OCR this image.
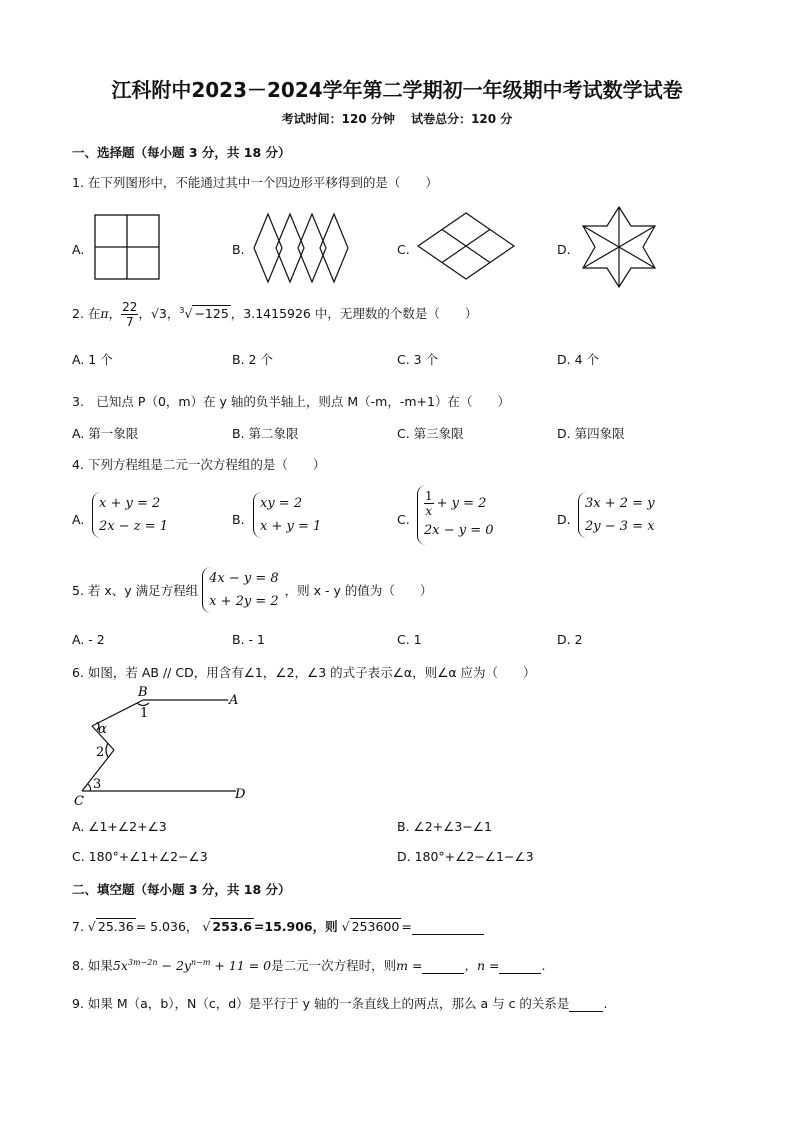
江科附中2023－2024学年第二学期初一年级期中考试数学试卷
考试时间：120 分钟　 试卷总分：120 分
一、选择题（每小题 3 分，共 18 分）
1. 在下列图形中，不能通过其中一个四边形平移得到的是（　　）
A.	B.	C.	D.
2. 在π， $\frac{22}{7}$ ，√3，$^3$√ −125 ，3.1415926 中，无理数的个数是（　　）
A. 1 个	B. 2 个	C. 3 个	D. 4 个
3.　已知点 P（0，m）在 y 轴的负半轴上，则点 M（-m，-m+1）在（　　）
A. 第一象限	B. 第二象限	C. 第三象限	D. 第四象限
4. 下列方程组是二元一次方程组的是（　　）
A.
x + y = 2
2x − z = 1	B.
xy = 2
x + y = 1	C.
$\frac{1}{x} + y = 2$
2x − y = 0
D.
3x + 2 = y
2y − 3 = x
5. 若 x、y 满足方程组
4x − y = 8
x + 2y = 2
，则 x - y 的值为（　　）
A. - 2	B. - 1	C. 1	D. 2
6. 如图，若 AB // CD，用含有∠1，∠2，∠3 的式子表示∠α，则∠α 应为（　　）
B
A
1
α
2
3
C	D
A. ∠1+∠2+∠3	B. ∠2+∠3−∠1
C. 180°+∠1+∠2−∠3	D. 180°+∠2−∠1−∠3
二、填空题（每小题 3 分，共 18 分）
7. √ 25.36 = 5.036， √ 253.6 =15.906，则 √ 253600 =
8. 如果$5x^{3m-2n} - 2y^{n-m} + 11 = 0$是二元一次方程时，则m =	，n =	.
9. 如果 M（a，b），N（c，d）是平行于 y 轴的一条直线上的两点，那么 a 与 c 的关系是	.
